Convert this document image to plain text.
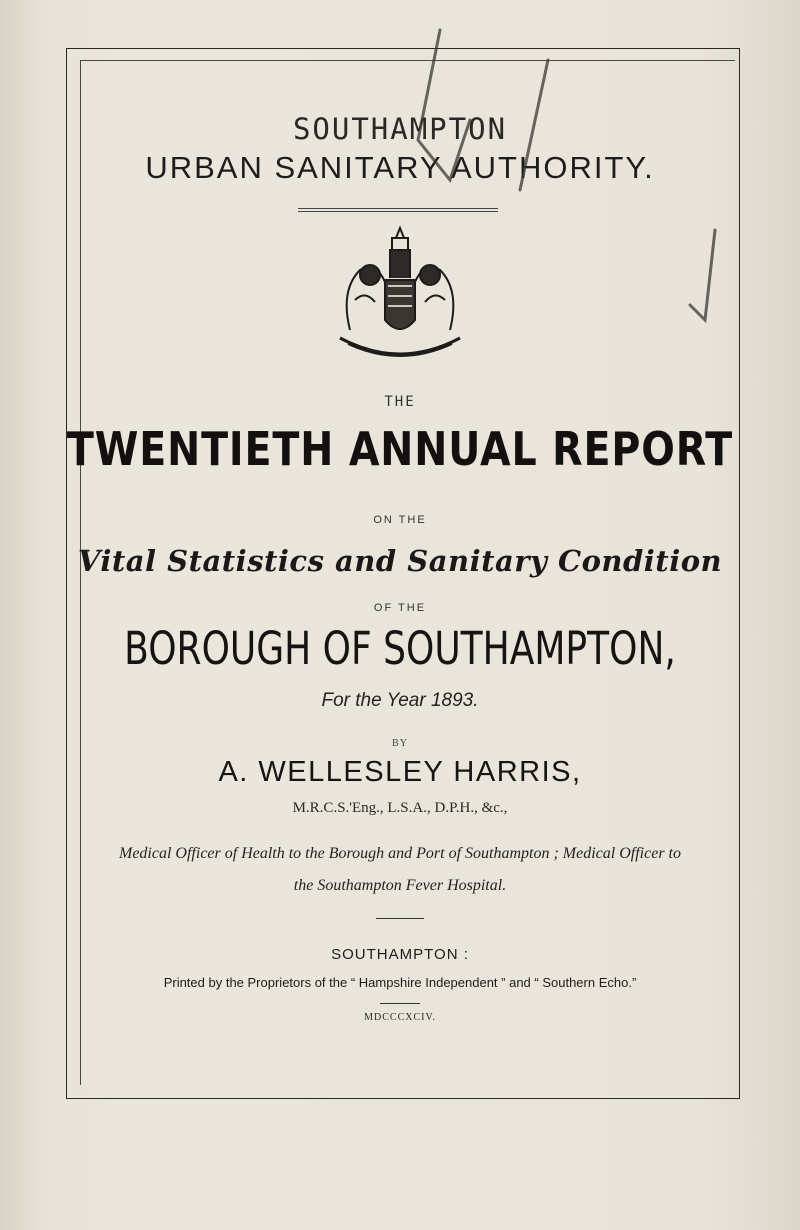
SOUTHAMPTON
URBAN SANITARY AUTHORITY.
THE
TWENTIETH ANNUAL REPORT
ON THE
Vital Statistics and Sanitary Condition
OF THE
BOROUGH OF SOUTHAMPTON,
For the Year 1893.
BY
A. WELLESLEY HARRIS,
M.R.C.S.'Eng., L.S.A., D.P.H., &c.,
Medical Officer of Health to the Borough and Port of Southampton ; Medical Officer to the Southampton Fever Hospital.
SOUTHAMPTON :
Printed by the Proprietors of the “ Hampshire Independent ” and “ Southern Echo.”
MDCCCXCIV.
